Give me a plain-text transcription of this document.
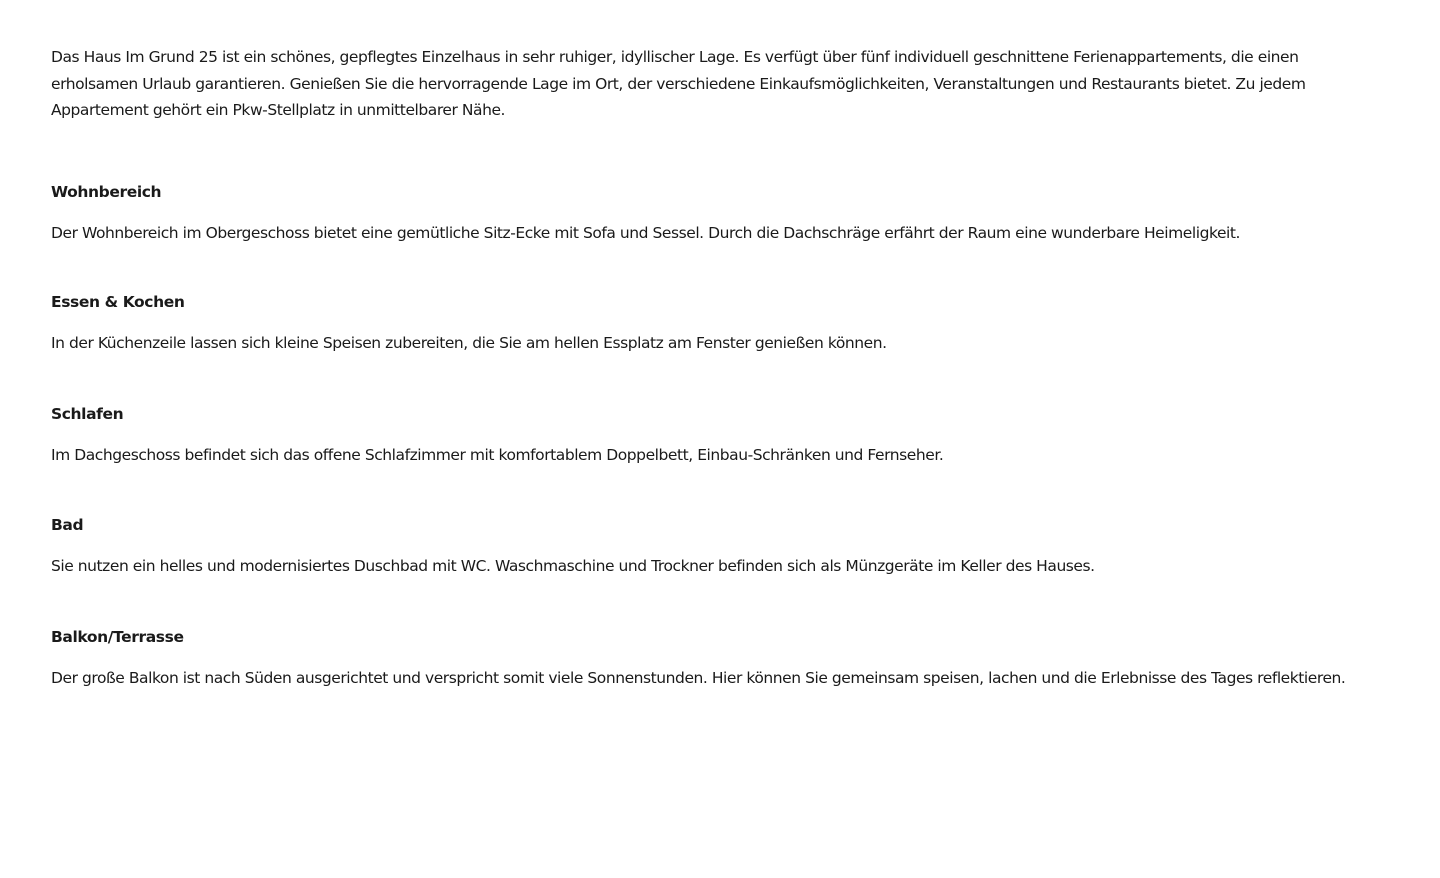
Das Haus Im Grund 25 ist ein schönes, gepflegtes Einzelhaus in sehr ruhiger, idyllischer Lage. Es verfügt über fünf individuell geschnittene Ferienappartements, die einen erholsamen Urlaub garantieren. Genießen Sie die hervorragende Lage im Ort, der verschiedene Einkaufsmöglichkeiten, Veranstaltungen und Restaurants bietet. Zu jedem Appartement gehört ein Pkw-Stellplatz in unmittelbarer Nähe.

Wohnbereich

Der Wohnbereich im Obergeschoss bietet eine gemütliche Sitz-Ecke mit Sofa und Sessel. Durch die Dachschräge erfährt der Raum eine wunderbare Heimeligkeit.

Essen & Kochen

In der Küchenzeile lassen sich kleine Speisen zubereiten, die Sie am hellen Essplatz am Fenster genießen können.

Schlafen

Im Dachgeschoss befindet sich das offene Schlafzimmer mit komfortablem Doppelbett, Einbau-Schränken und Fernseher.

Bad

Sie nutzen ein helles und modernisiertes Duschbad mit WC. Waschmaschine und Trockner befinden sich als Münzgeräte im Keller des Hauses.

Balkon/Terrasse

Der große Balkon ist nach Süden ausgerichtet und verspricht somit viele Sonnenstunden. Hier können Sie gemeinsam speisen, lachen und die Erlebnisse des Tages reflektieren.
